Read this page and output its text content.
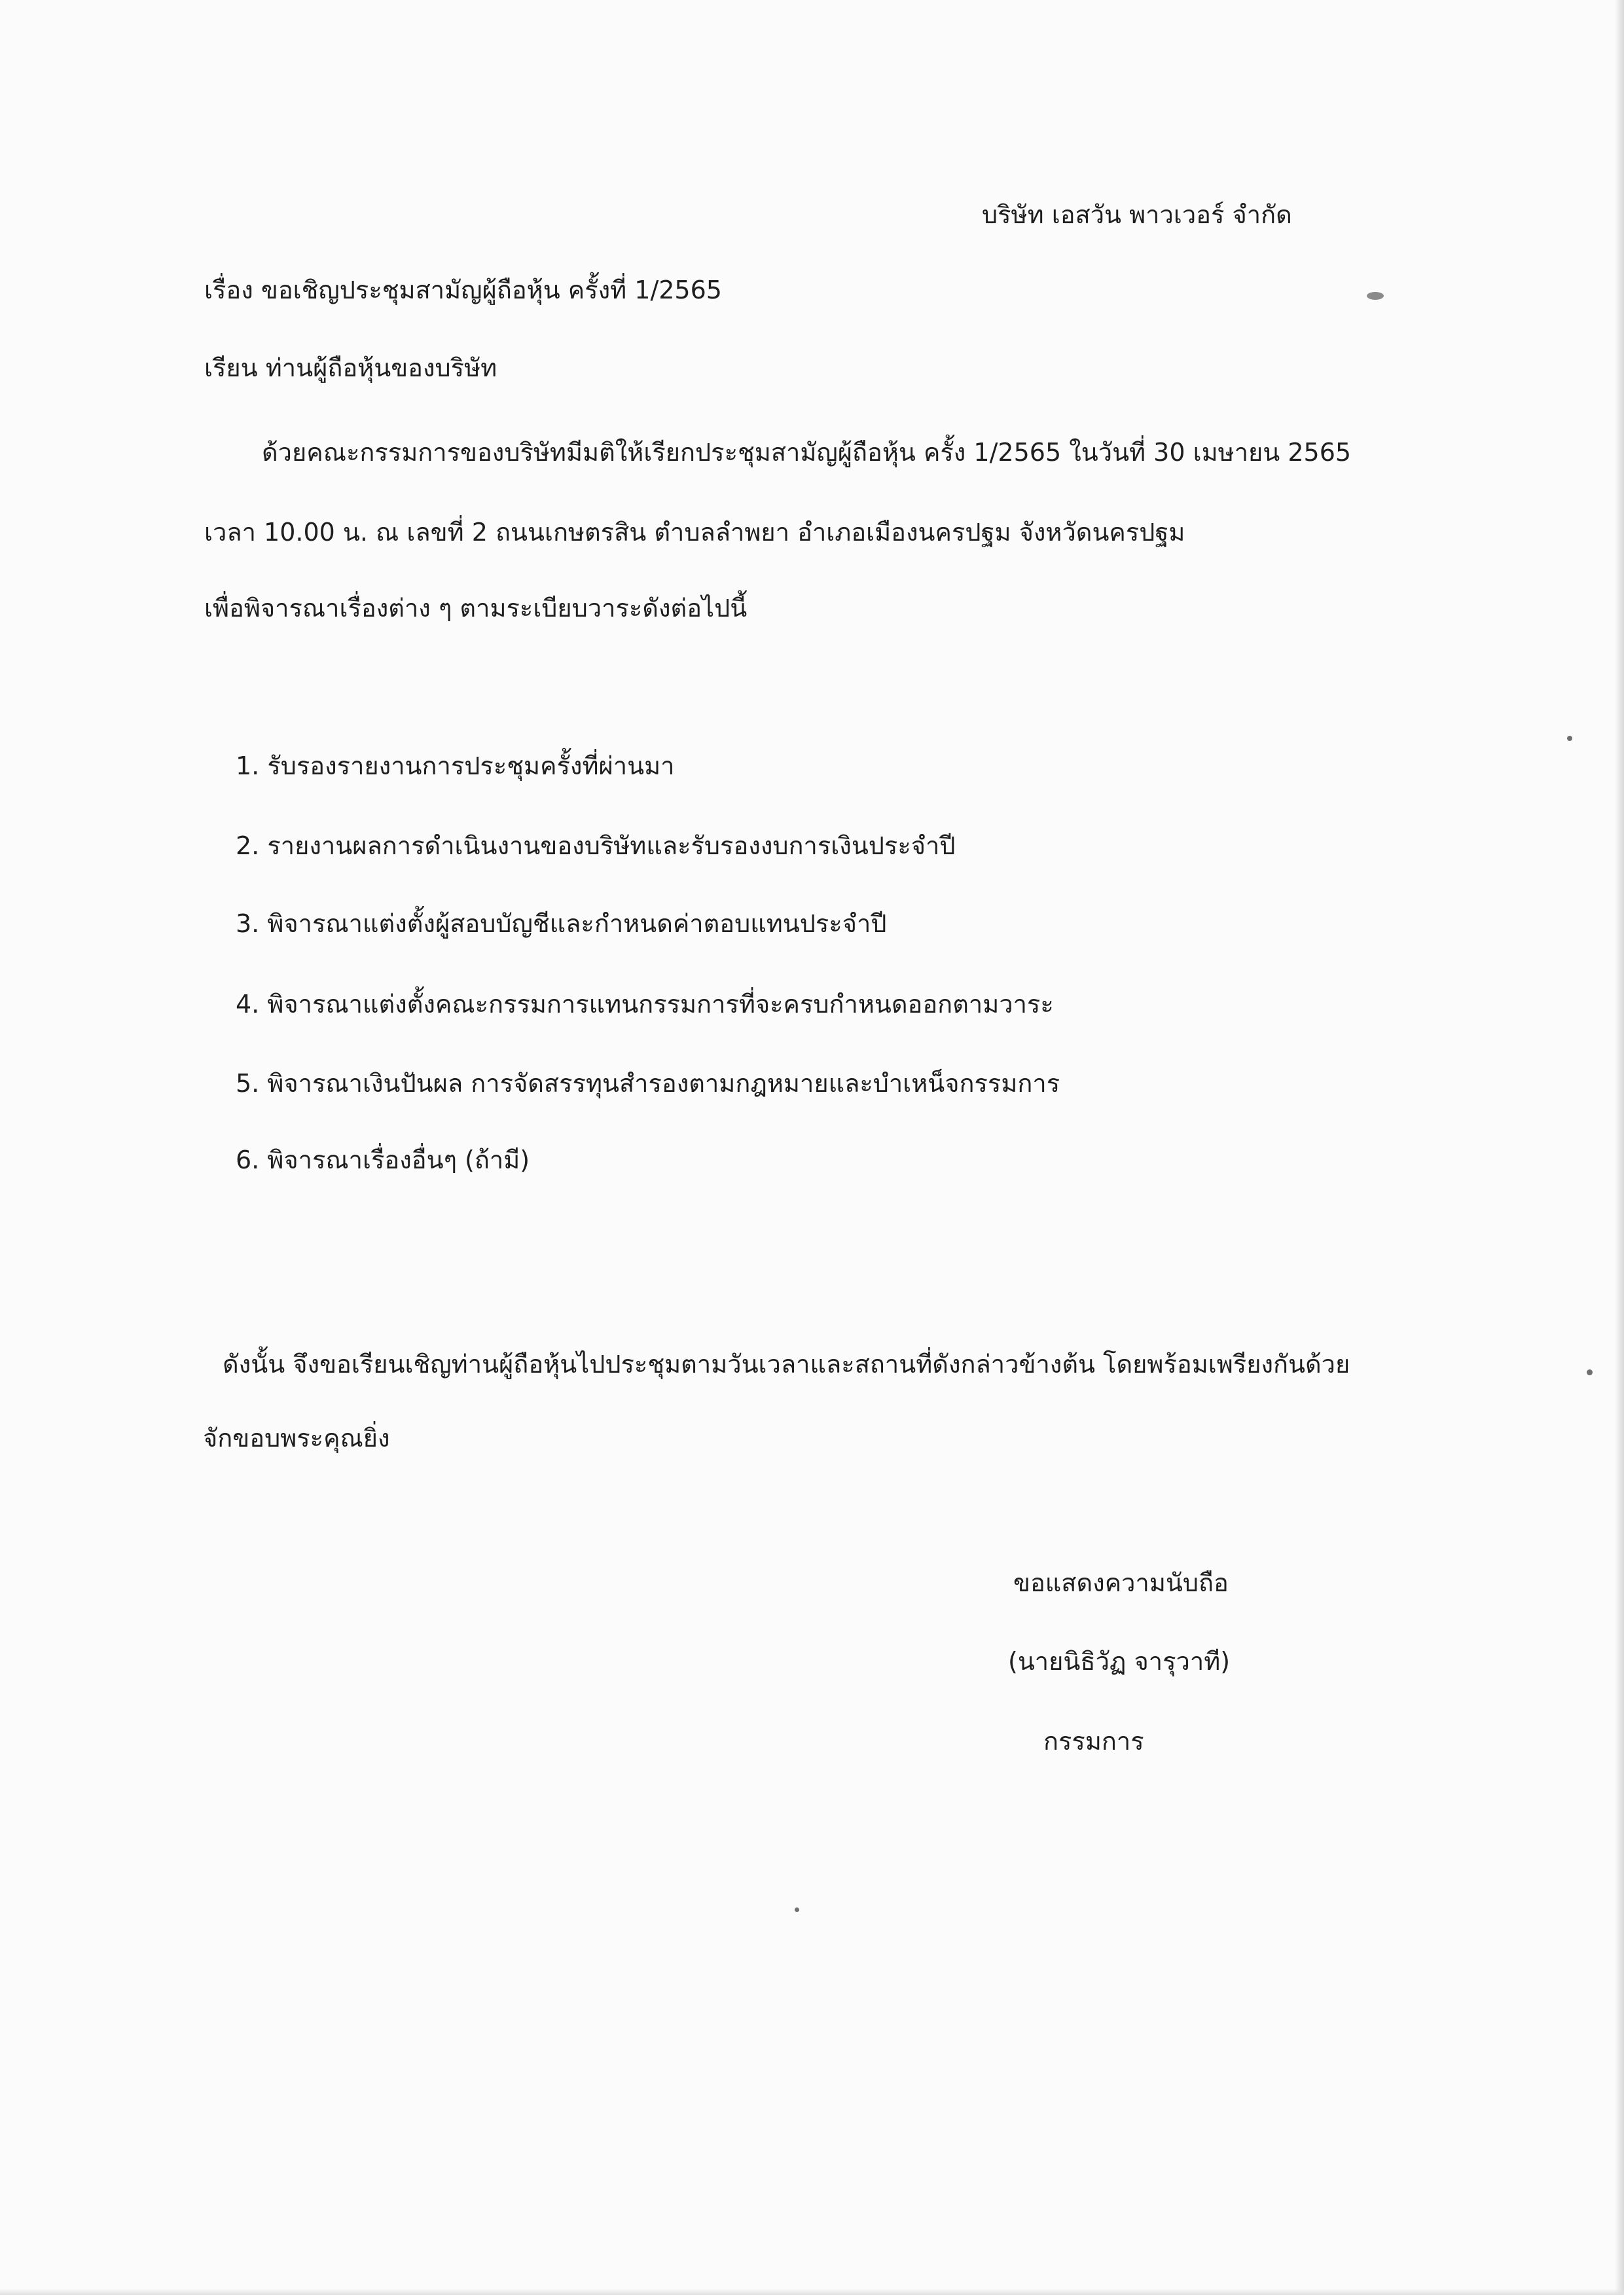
บริษัท เอสวัน พาวเวอร์ จำกัด

เรื่อง ขอเชิญประชุมสามัญผู้ถือหุ้น ครั้งที่ 1/2565

เรียน ท่านผู้ถือหุ้นของบริษัท

ด้วยคณะกรรมการของบริษัทมีมติให้เรียกประชุมสามัญผู้ถือหุ้น ครั้ง 1/2565 ในวันที่ 30 เมษายน 2565

เวลา 10.00 น. ณ เลขที่ 2 ถนนเกษตรสิน ตำบลลำพยา อำเภอเมืองนครปฐม จังหวัดนครปฐม

เพื่อพิจารณาเรื่องต่าง ๆ ตามระเบียบวาระดังต่อไปนี้

1. รับรองรายงานการประชุมครั้งที่ผ่านมา

2. รายงานผลการดำเนินงานของบริษัทและรับรองงบการเงินประจำปี

3. พิจารณาแต่งตั้งผู้สอบบัญชีและกำหนดค่าตอบแทนประจำปี

4. พิจารณาแต่งตั้งคณะกรรมการแทนกรรมการที่จะครบกำหนดออกตามวาระ

5. พิจารณาเงินปันผล การจัดสรรทุนสำรองตามกฎหมายและบำเหน็จกรรมการ

6. พิจารณาเรื่องอื่นๆ (ถ้ามี)

ดังนั้น จึงขอเรียนเชิญท่านผู้ถือหุ้นไปประชุมตามวันเวลาและสถานที่ดังกล่าวข้างต้น โดยพร้อมเพรียงกันด้วย

จักขอบพระคุณยิ่ง

ขอแสดงความนับถือ

(นายนิธิวัฏ จารุวาที)

กรรมการ
